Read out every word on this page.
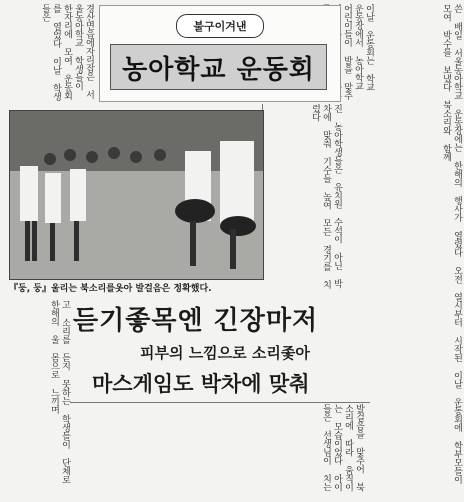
경산면읍에자리잡은 서울농아학교 학생들이 한자리에 모여 운동회를 열었다 이날 학생들은	이날 운동회는 학교 운동장에서 농아학교 어린이들이 발을 맞추	쓴 배일 서울농아학교 운동장에는 한해의 행사가 열렸다 오전 열시부터 시작된 이날 운동회에 학부모들이 모여 박수를 보냈다 북소리와 함께
진 농아학생들은 유치원 수석이 아닌 박차에 맞춰 기수들 높여 모든 경기를 치렀다
불구이겨낸
농아학교 운동회
『둥, 둥』울리는 북소리를옷아 발걸음은 정확했다.
듣기좋목엔 긴장마저
피부의 느낌으로 소리좇아
마스게임도 박차에 맞춰
고 소리를 듣지 못하는 학생들이 단체로 한해의 울 몸으로 느끼며
발걸음을 맞추어 북소리에 따라 움직이는 모습이었다 아이들은 선생님이 치는
